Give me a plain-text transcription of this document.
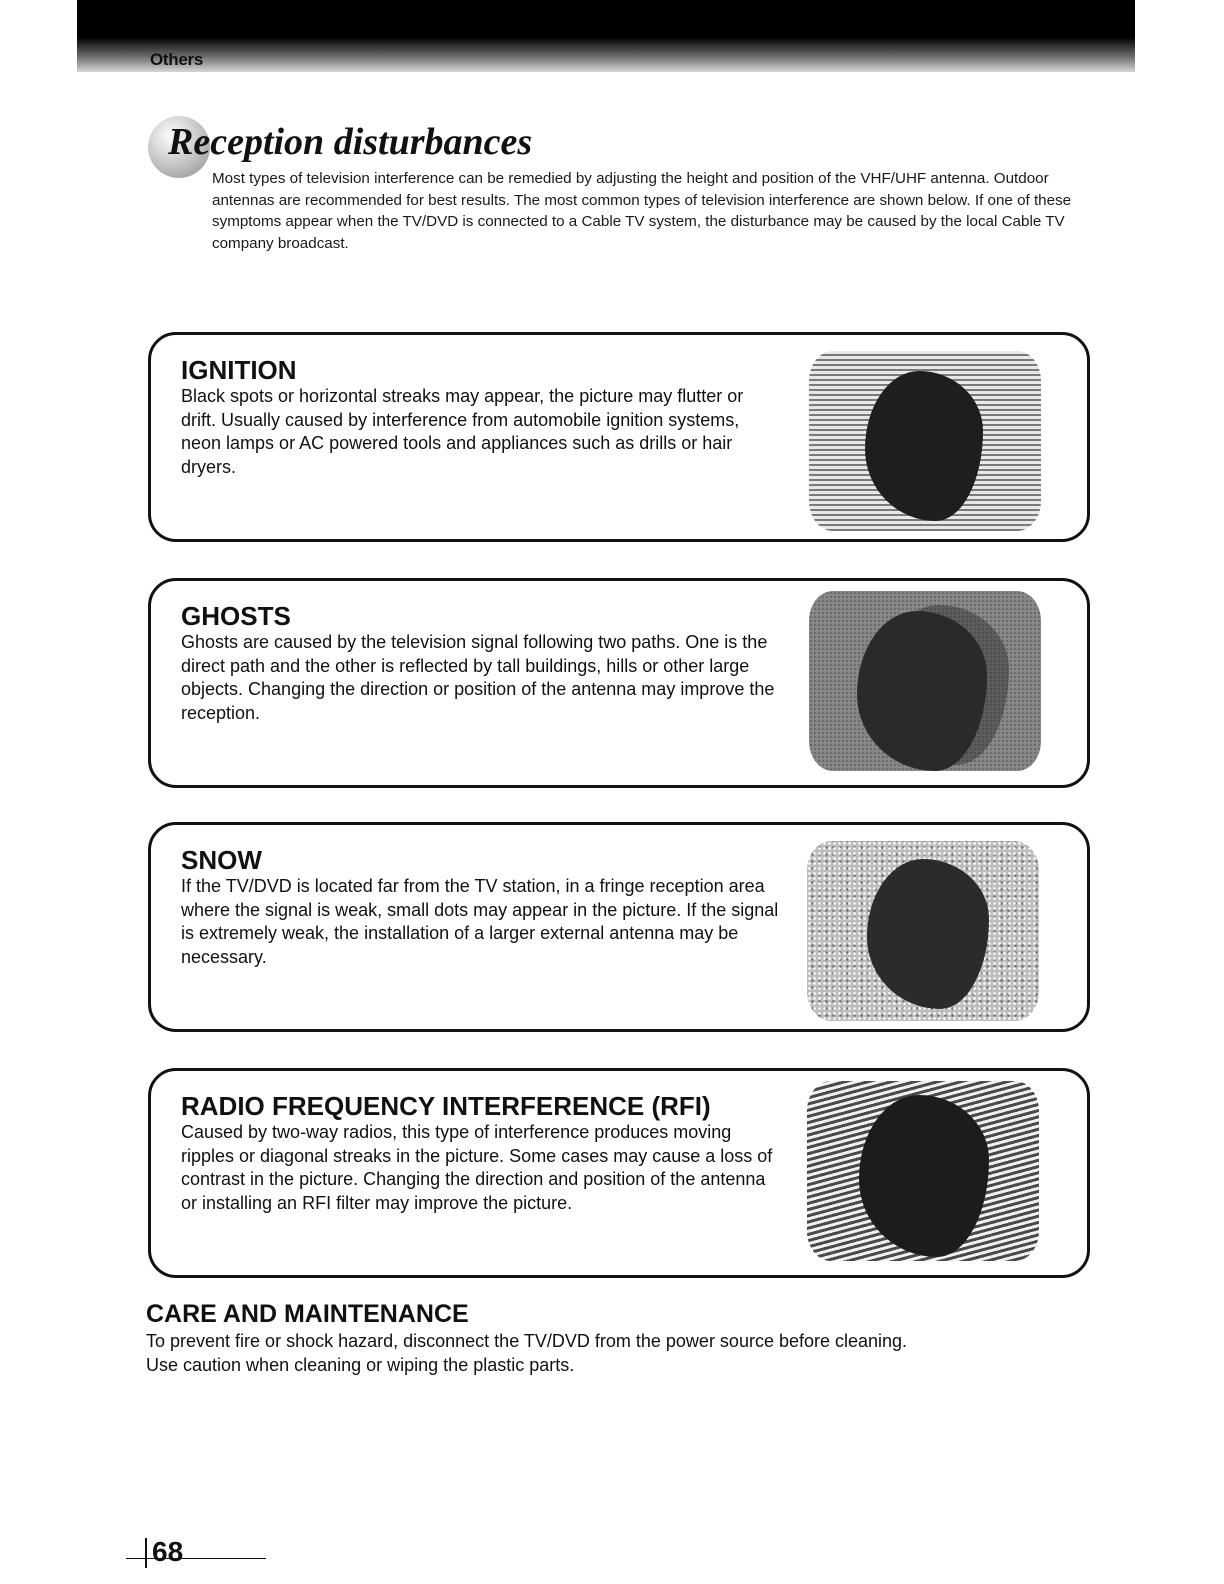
Others
Reception disturbances

Most types of television interference can be remedied by adjusting the height and position of the VHF/UHF antenna. Outdoor antennas are recommended for best results. The most common types of television interference are shown below. If one of these symptoms appear when the TV/DVD is connected to a Cable TV system, the disturbance may be caused by the local Cable TV company broadcast.

IGNITION

Black spots or horizontal streaks may appear, the picture may flutter or drift. Usually caused by interference from automobile ignition systems, neon lamps or AC powered tools and appliances such as drills or hair dryers.

GHOSTS

Ghosts are caused by the television signal following two paths. One is the direct path and the other is reflected by tall buildings, hills or other large objects. Changing the direction or position of the antenna may improve the reception.

SNOW

If the TV/DVD is located far from the TV station, in a fringe reception area where the signal is weak, small dots may appear in the picture. If the signal is extremely weak, the installation of a larger external antenna may be necessary.

RADIO FREQUENCY INTERFERENCE (RFI)

Caused by two-way radios, this type of interference produces moving ripples or diagonal streaks in the picture. Some cases may cause a loss of contrast in the picture. Changing the direction and position of the antenna or installing an RFI filter may improve the picture.

CARE AND MAINTENANCE

To prevent fire or shock hazard, disconnect the TV/DVD from the power source before cleaning.
Use caution when cleaning or wiping the plastic parts.

68
